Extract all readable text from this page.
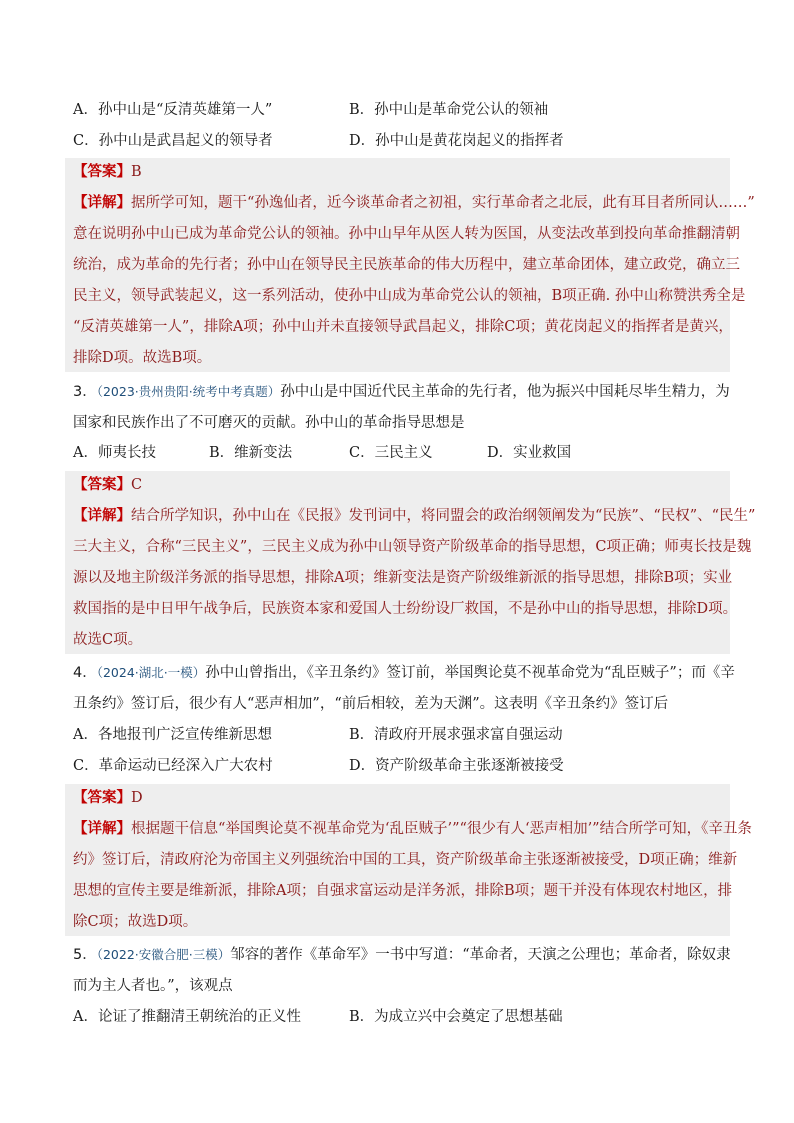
A．孙中山是“反清英雄第一人”	B．孙中山是革命党公认的领袖
C．孙中山是武昌起义的领导者	D．孙中山是黄花岗起义的指挥者
【答案】B
【详解】据所学可知，题干“孙逸仙者，近今谈革命者之初祖，实行革命者之北辰，此有耳目者所同认……”
意在说明孙中山已成为革命党公认的领袖。孙中山早年从医人转为医国，从变法改革到投向革命推翻清朝
统治，成为革命的先行者；孙中山在领导民主民族革命的伟大历程中，建立革命团体，建立政党，确立三
民主义，领导武装起义，这一系列活动，使孙中山成为革命党公认的领袖，B项正确. 孙中山称赞洪秀全是
“反清英雄第一人”，排除A项；孙中山并未直接领导武昌起义，排除C项；黄花岗起义的指挥者是黄兴，
排除D项。故选B项。
3．（2023·贵州贵阳·统考中考真题）孙中山是中国近代民主革命的先行者，他为振兴中国耗尽毕生精力，为
国家和民族作出了不可磨灭的贡献。孙中山的革命指导思想是
A．师夷长技	B．维新变法	C．三民主义	D．实业救国
【答案】C
【详解】结合所学知识，孙中山在《民报》发刊词中，将同盟会的政治纲领阐发为“民族”、“民权”、“民生”
三大主义，合称“三民主义”，三民主义成为孙中山领导资产阶级革命的指导思想，C项正确；师夷长技是魏
源以及地主阶级洋务派的指导思想，排除A项；维新变法是资产阶级维新派的指导思想，排除B项；实业
救国指的是中日甲午战争后，民族资本家和爱国人士纷纷设厂救国，不是孙中山的指导思想，排除D项。
故选C项。
4．（2024·湖北·一模）孙中山曾指出，《辛丑条约》签订前，举国舆论莫不视革命党为“乱臣贼子”；而《辛
丑条约》签订后，很少有人“恶声相加”，“前后相较，差为天渊”。这表明《辛丑条约》签订后
A．各地报刊广泛宣传维新思想	B．清政府开展求强求富自强运动
C．革命运动已经深入广大农村	D．资产阶级革命主张逐渐被接受
【答案】D
【详解】根据题干信息“举国舆论莫不视革命党为‘乱臣贼子’”“很少有人‘恶声相加’”结合所学可知，《辛丑条
约》签订后，清政府沦为帝国主义列强统治中国的工具，资产阶级革命主张逐渐被接受，D项正确；维新
思想的宣传主要是维新派，排除A项；自强求富运动是洋务派，排除B项；题干并没有体现农村地区，排
除C项；故选D项。
5．（2022·安徽合肥·三模）邹容的著作《革命军》一书中写道：“革命者，天演之公理也；革命者，除奴隶
而为主人者也。”，该观点
A．论证了推翻清王朝统治的正义性	B．为成立兴中会奠定了思想基础
